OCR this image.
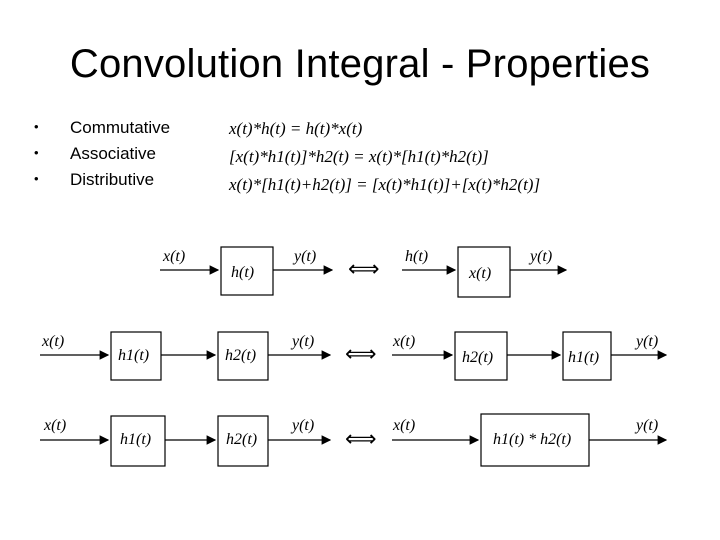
Convolution Integral - Properties
• Commutative
• Associative
• Distributive
x(t)*h(t) = h(t)*x(t)
[x(t)*h1(t)]*h2(t) = x(t)*[h1(t)*h2(t)]
x(t)*[h1(t)+h2(t)] = [x(t)*h1(t)]+[x(t)*h2(t)]
x(t)
h(t)
y(t)
⟺
h(t)
x(t)
y(t)
x(t)
h1(t)	h2(t)
y(t)
⟺
x(t)
h2(t)	h1(t)
y(t)
x(t)
h1(t)	h2(t)
y(t)
⟺
x(t)
h1(t) * h2(t)
y(t)
